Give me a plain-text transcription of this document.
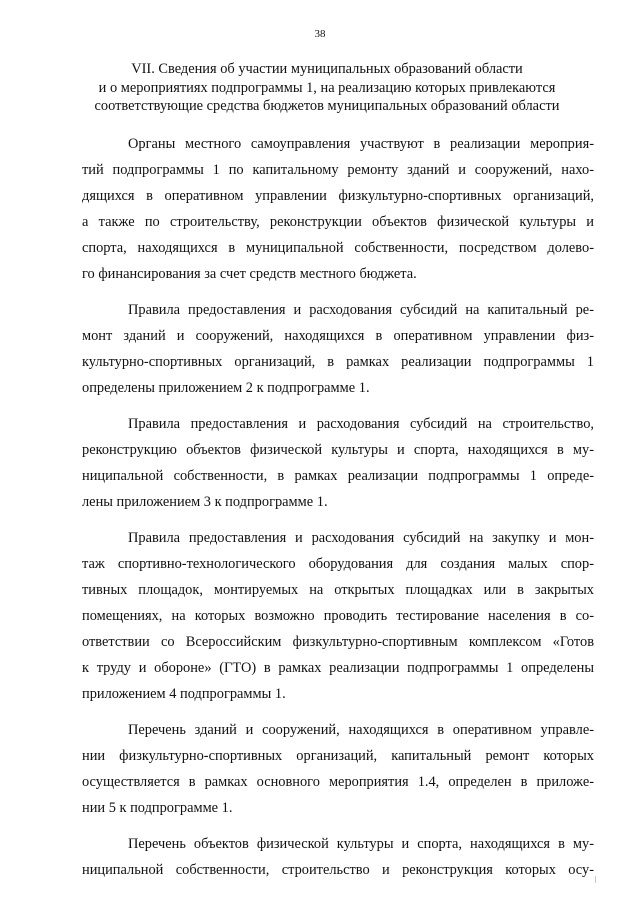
38
VII. Сведения об участии муниципальных образований области
и о мероприятиях подпрограммы 1, на реализацию которых привлекаются
соответствующие средства бюджетов муниципальных образований области
Органы местного самоуправления участвуют в реализации мероприя-
тий подпрограммы 1 по капитальному ремонту зданий и сооружений, нахо-
дящихся в оперативном управлении физкультурно-спортивных организаций,
а также по строительству, реконструкции объектов физической культуры и
спорта, находящихся в муниципальной собственности, посредством долево-
го финансирования за счет средств местного бюджета.
Правила предоставления и расходования субсидий на капитальный ре-
монт зданий и сооружений, находящихся в оперативном управлении физ-
культурно-спортивных организаций, в рамках реализации подпрограммы 1
определены приложением 2 к подпрограмме 1.
Правила предоставления и расходования субсидий на строительство,
реконструкцию объектов физической культуры и спорта, находящихся в му-
ниципальной собственности, в рамках реализации подпрограммы 1 опреде-
лены приложением 3 к подпрограмме 1.
Правила предоставления и расходования субсидий на закупку и мон-
таж спортивно-технологического оборудования для создания малых спор-
тивных площадок, монтируемых на открытых площадках или в закрытых
помещениях, на которых возможно проводить тестирование населения в со-
ответствии со Всероссийским физкультурно-спортивным комплексом «Готов
к труду и обороне» (ГТО) в рамках реализации подпрограммы 1 определены
приложением 4 подпрограммы 1.
Перечень зданий и сооружений, находящихся в оперативном управле-
нии физкультурно-спортивных организаций, капитальный ремонт которых
осуществляется в рамках основного мероприятия 1.4, определен в приложе-
нии 5 к подпрограмме 1.
Перечень объектов физической культуры и спорта, находящихся в му-
ниципальной собственности, строительство и реконструкция которых осу-
